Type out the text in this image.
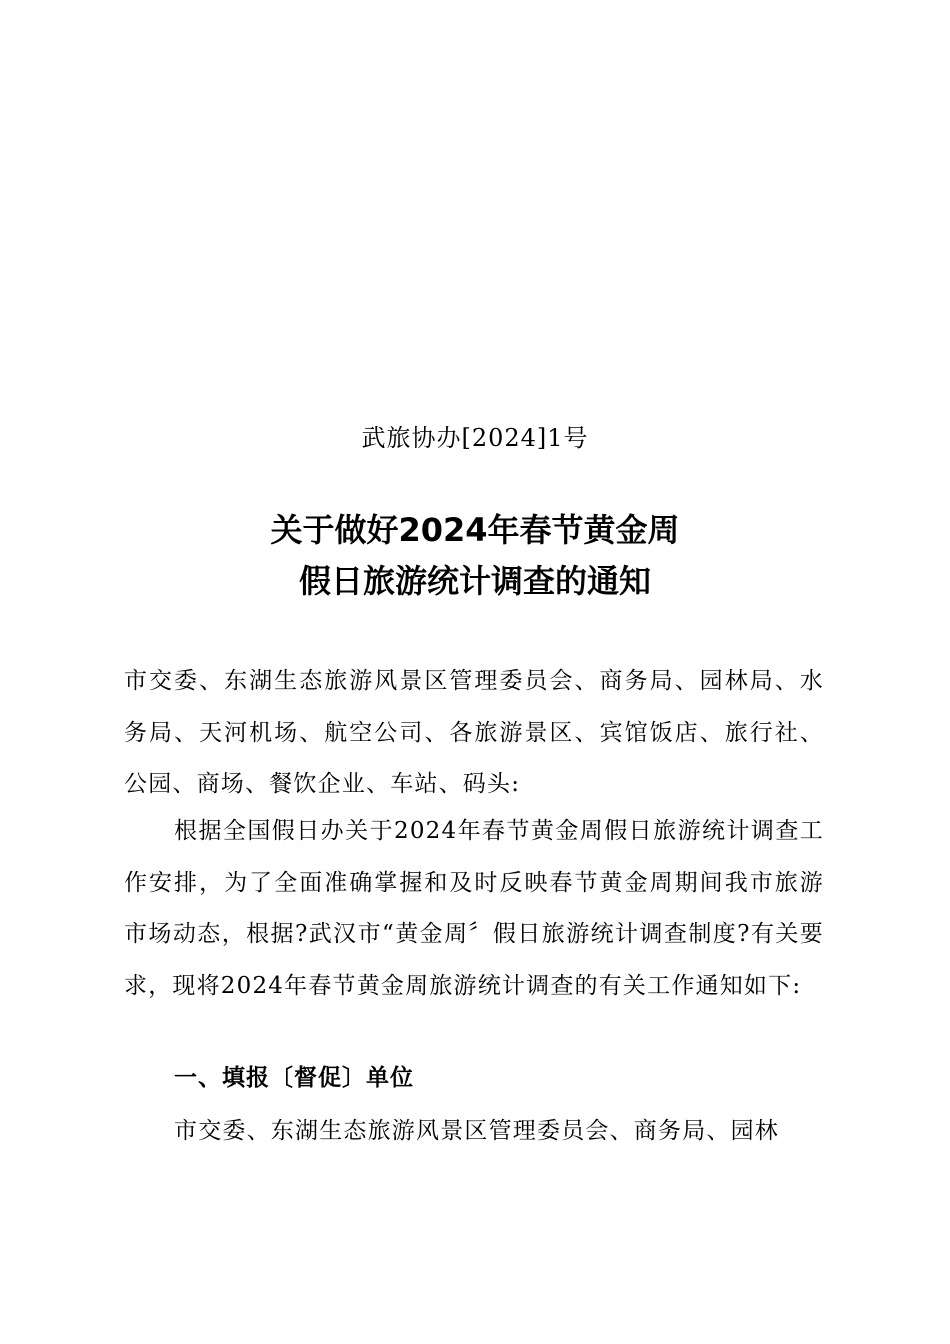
武旅协办[2024]1号
关于做好2024年春节黄金周
假日旅游统计调查的通知

市交委、东湖生态旅游风景区管理委员会、商务局、园林局、水务局、天河机场、航空公司、各旅游景区、宾馆饭店、旅行社、公园、商场、餐饮企业、车站、码头:

根据全国假日办关于2024年春节黄金周假日旅游统计调查工作安排，为了全面准确掌握和及时反映春节黄金周期间我市旅游市场动态，根据?武汉市“黄金周〞假日旅游统计调查制度?有关要求，现将2024年春节黄金周旅游统计调查的有关工作通知如下:

一、填报〔督促〕单位

市交委、东湖生态旅游风景区管理委员会、商务局、园林
